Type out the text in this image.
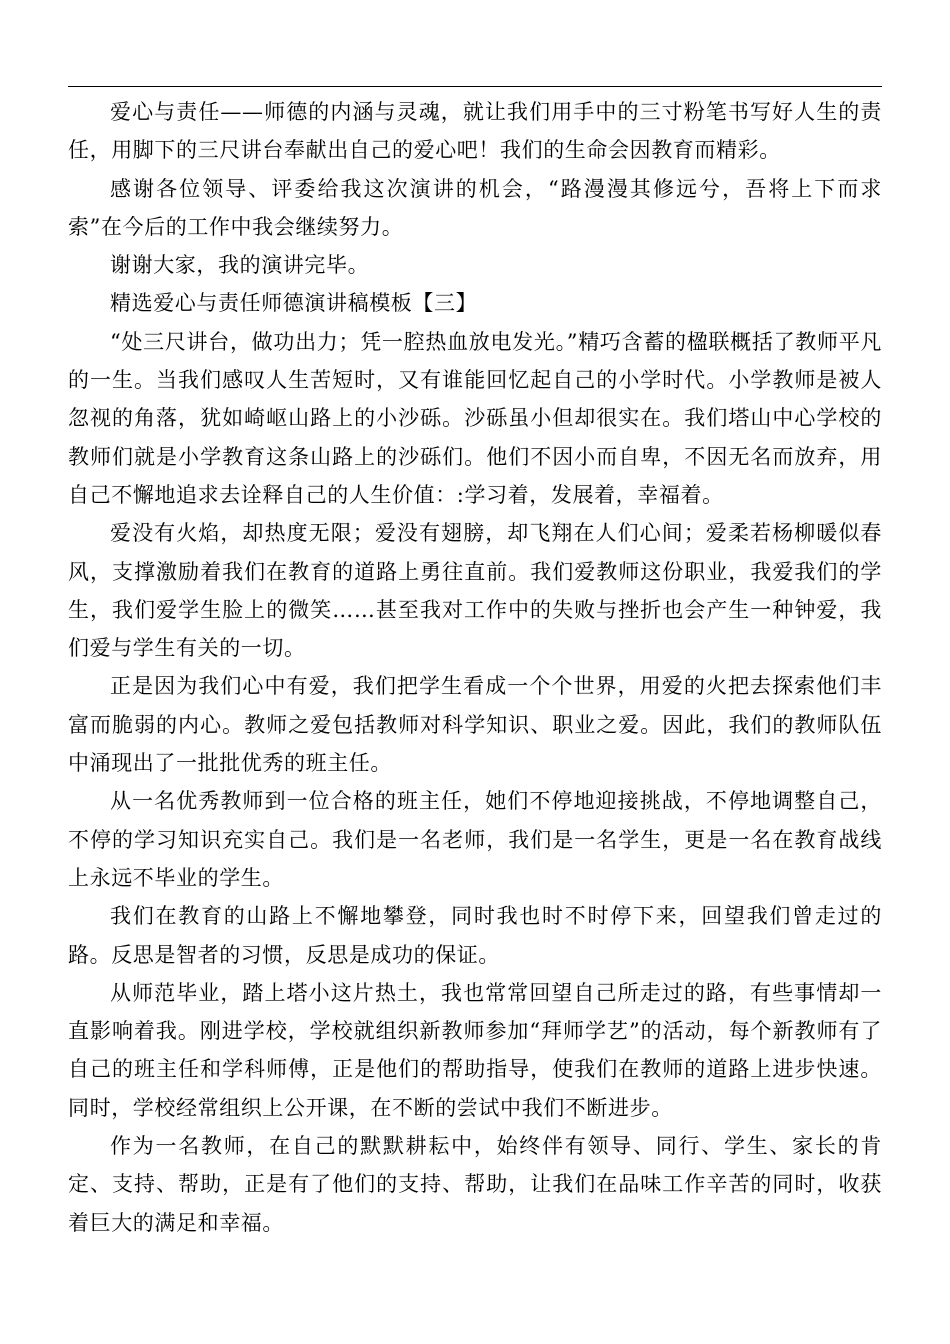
爱心与责任——师德的内涵与灵魂，就让我们用手中的三寸粉笔书写好人生的责任，用脚下的三尺讲台奉献出自己的爱心吧！我们的生命会因教育而精彩。

感谢各位领导、评委给我这次演讲的机会，“路漫漫其修远兮，吾将上下而求索”在今后的工作中我会继续努力。

谢谢大家，我的演讲完毕。

精选爱心与责任师德演讲稿模板【三】

“处三尺讲台，做功出力；凭一腔热血放电发光。”精巧含蓄的楹联概括了教师平凡的一生。当我们感叹人生苦短时，又有谁能回忆起自己的小学时代。小学教师是被人忽视的角落，犹如崎岖山路上的小沙砾。沙砾虽小但却很实在。我们塔山中心学校的教师们就是小学教育这条山路上的沙砾们。他们不因小而自卑，不因无名而放弃，用自己不懈地追求去诠释自己的人生价值：:学习着，发展着，幸福着。

爱没有火焰，却热度无限；爱没有翅膀，却飞翔在人们心间；爱柔若杨柳暖似春风，支撑激励着我们在教育的道路上勇往直前。我们爱教师这份职业，我爱我们的学生，我们爱学生脸上的微笑……甚至我对工作中的失败与挫折也会产生一种钟爱，我们爱与学生有关的一切。

正是因为我们心中有爱，我们把学生看成一个个世界，用爱的火把去探索他们丰富而脆弱的内心。教师之爱包括教师对科学知识、职业之爱。因此，我们的教师队伍中涌现出了一批批优秀的班主任。

从一名优秀教师到一位合格的班主任，她们不停地迎接挑战，不停地调整自己，不停的学习知识充实自己。我们是一名老师，我们是一名学生，更是一名在教育战线上永远不毕业的学生。

我们在教育的山路上不懈地攀登，同时我也时不时停下来，回望我们曾走过的路。反思是智者的习惯，反思是成功的保证。

从师范毕业，踏上塔小这片热土，我也常常回望自己所走过的路，有些事情却一直影响着我。刚进学校，学校就组织新教师参加“拜师学艺”的活动，每个新教师有了自己的班主任和学科师傅，正是他们的帮助指导，使我们在教师的道路上进步快速。同时，学校经常组织上公开课，在不断的尝试中我们不断进步。

作为一名教师，在自己的默默耕耘中，始终伴有领导、同行、学生、家长的肯定、支持、帮助，正是有了他们的支持、帮助，让我们在品味工作辛苦的同时，收获着巨大的满足和幸福。
